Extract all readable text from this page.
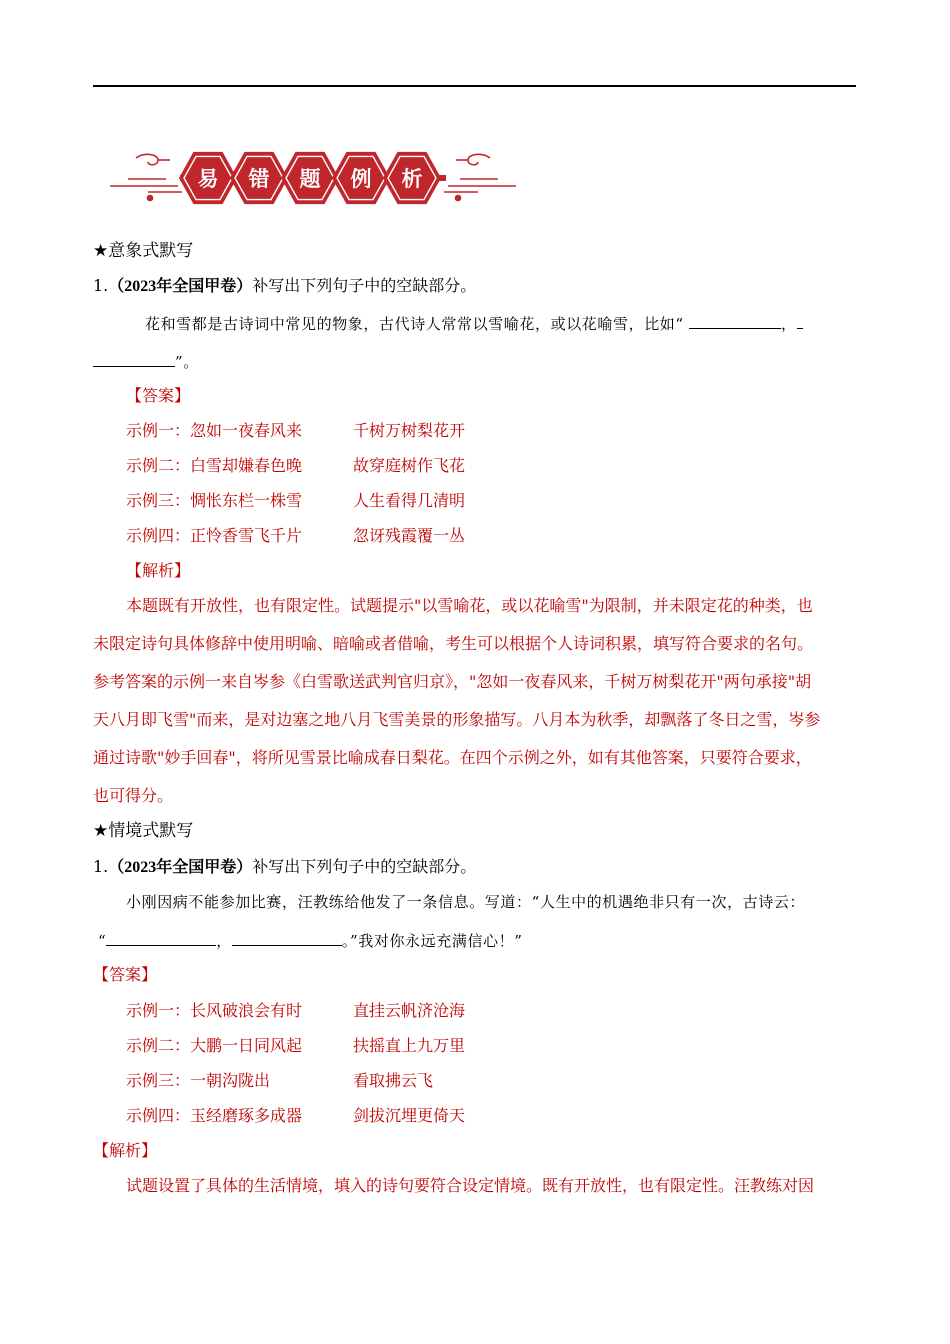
易 错 题 例 析
★意象式默写
1.（2023年全国甲卷）补写出下列句子中的空缺部分。
花和雪都是古诗词中常见的物象，古代诗人常常以雪喻花，或以花喻雪，比如“	，
”。
【答案】
示例一：忽如一夜春风来	千树万树梨花开
示例二：白雪却嫌春色晚	故穿庭树作飞花
示例三：惆怅东栏一株雪	人生看得几清明
示例四：正怜香雪飞千片	忽讶残霞覆一丛
【解析】
本题既有开放性，也有限定性。试题提示"以雪喻花，或以花喻雪"为限制，并未限定花的种类，也
未限定诗句具体修辞中使用明喻、暗喻或者借喻，考生可以根据个人诗词积累，填写符合要求的名句。
参考答案的示例一来自岑参《白雪歌送武判官归京》，"忽如一夜春风来，千树万树梨花开"两句承接"胡
天八月即飞雪"而来，是对边塞之地八月飞雪美景的形象描写。八月本为秋季，却飘落了冬日之雪，岑参
通过诗歌"妙手回春"，将所见雪景比喻成春日梨花。在四个示例之外，如有其他答案，只要符合要求，
也可得分。
★情境式默写
1.（2023年全国甲卷）补写出下列句子中的空缺部分。
小刚因病不能参加比赛，汪教练给他发了一条信息。写道：“人生中的机遇绝非只有一次，古诗云：
“	，	。”我对你永远充满信心！”
【答案】
示例一：长风破浪会有时	直挂云帆济沧海
示例二：大鹏一日同风起	扶摇直上九万里
示例三：一朝沟陇出	看取拂云飞
示例四：玉经磨琢多成器	剑拔沉埋更倚天
【解析】
试题设置了具体的生活情境，填入的诗句要符合设定情境。既有开放性，也有限定性。汪教练对因
